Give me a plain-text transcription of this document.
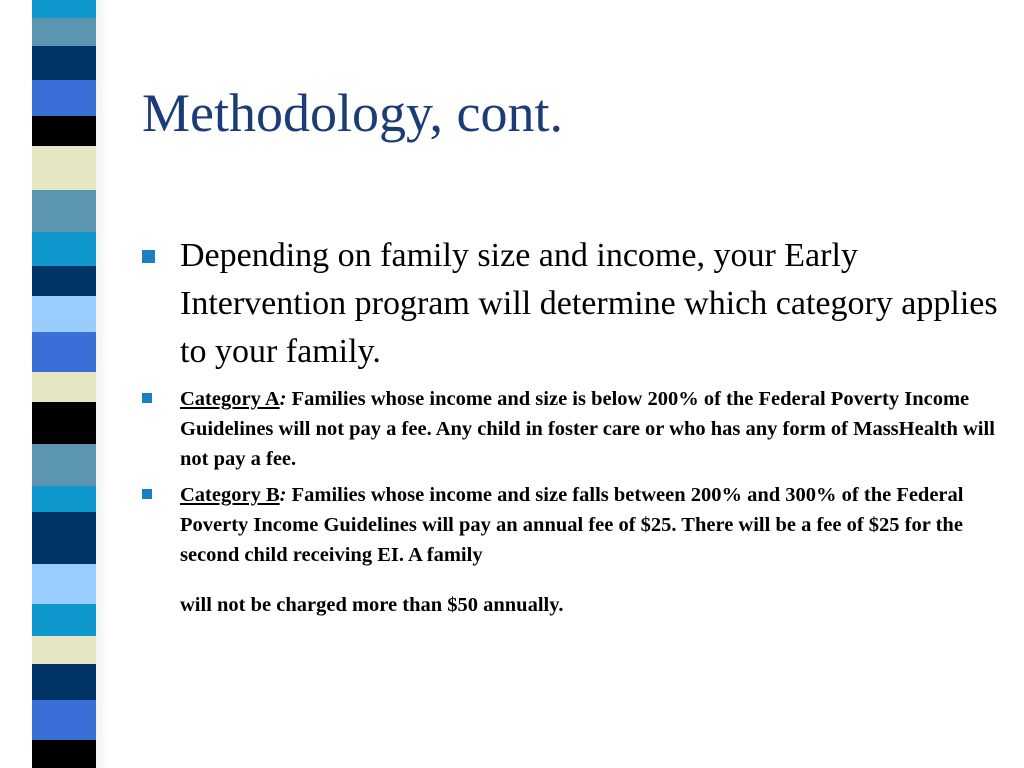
Methodology, cont.
Depending on family size and income, your Early Intervention program will determine which category applies to your family.
Category A: Families whose income and size is below 200% of the Federal Poverty Income Guidelines will not pay a fee. Any child in foster care or who has any form of MassHealth will not pay a fee.
Category B: Families whose income and size falls between 200% and 300% of the Federal Poverty Income Guidelines will pay an annual fee of $25. There will be a fee of $25 for the second child receiving EI. A family
will not be charged more than $50 annually.
